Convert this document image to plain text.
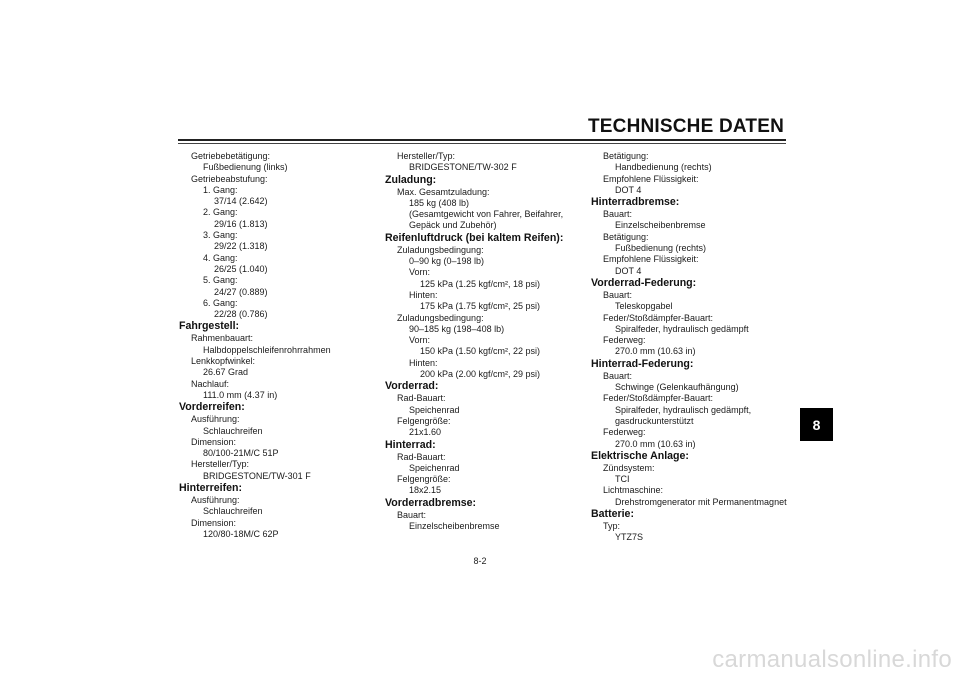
TECHNISCHE DATEN
8
Getriebebetätigung:
Fußbedienung (links)
Getriebeabstufung:
1. Gang:
37/14 (2.642)
2. Gang:
29/16 (1.813)
3. Gang:
29/22 (1.318)
4. Gang:
26/25 (1.040)
5. Gang:
24/27 (0.889)
6. Gang:
22/28 (0.786)
Fahrgestell:
Rahmenbauart:
Halbdoppelschleifenrohrrahmen
Lenkkopfwinkel:
26.67 Grad
Nachlauf:
111.0 mm (4.37 in)
Vorderreifen:
Ausführung:
Schlauchreifen
Dimension:
80/100-21M/C 51P
Hersteller/Typ:
BRIDGESTONE/TW-301 F
Hinterreifen:
Ausführung:
Schlauchreifen
Dimension:
120/80-18M/C 62P
Hersteller/Typ:
BRIDGESTONE/TW-302 F
Zuladung:
Max. Gesamtzuladung:
185 kg (408 lb)
(Gesamtgewicht von Fahrer, Beifahrer,
Gepäck und Zubehör)
Reifenluftdruck (bei kaltem Reifen):
Zuladungsbedingung:
0–90 kg (0–198 lb)
Vorn:
125 kPa (1.25 kgf/cm², 18 psi)
Hinten:
175 kPa (1.75 kgf/cm², 25 psi)
Zuladungsbedingung:
90–185 kg (198–408 lb)
Vorn:
150 kPa (1.50 kgf/cm², 22 psi)
Hinten:
200 kPa (2.00 kgf/cm², 29 psi)
Vorderrad:
Rad-Bauart:
Speichenrad
Felgengröße:
21x1.60
Hinterrad:
Rad-Bauart:
Speichenrad
Felgengröße:
18x2.15
Vorderradbremse:
Bauart:
Einzelscheibenbremse
Betätigung:
Handbedienung (rechts)
Empfohlene Flüssigkeit:
DOT 4
Hinterradbremse:
Bauart:
Einzelscheibenbremse
Betätigung:
Fußbedienung (rechts)
Empfohlene Flüssigkeit:
DOT 4
Vorderrad-Federung:
Bauart:
Teleskopgabel
Feder/Stoßdämpfer-Bauart:
Spiralfeder, hydraulisch gedämpft
Federweg:
270.0 mm (10.63 in)
Hinterrad-Federung:
Bauart:
Schwinge (Gelenkaufhängung)
Feder/Stoßdämpfer-Bauart:
Spiralfeder, hydraulisch gedämpft,
gasdruckunterstützt
Federweg:
270.0 mm (10.63 in)
Elektrische Anlage:
Zündsystem:
TCI
Lichtmaschine:
Drehstromgenerator mit Permanentmagnet
Batterie:
Typ:
YTZ7S
8-2
carmanualsonline.info
